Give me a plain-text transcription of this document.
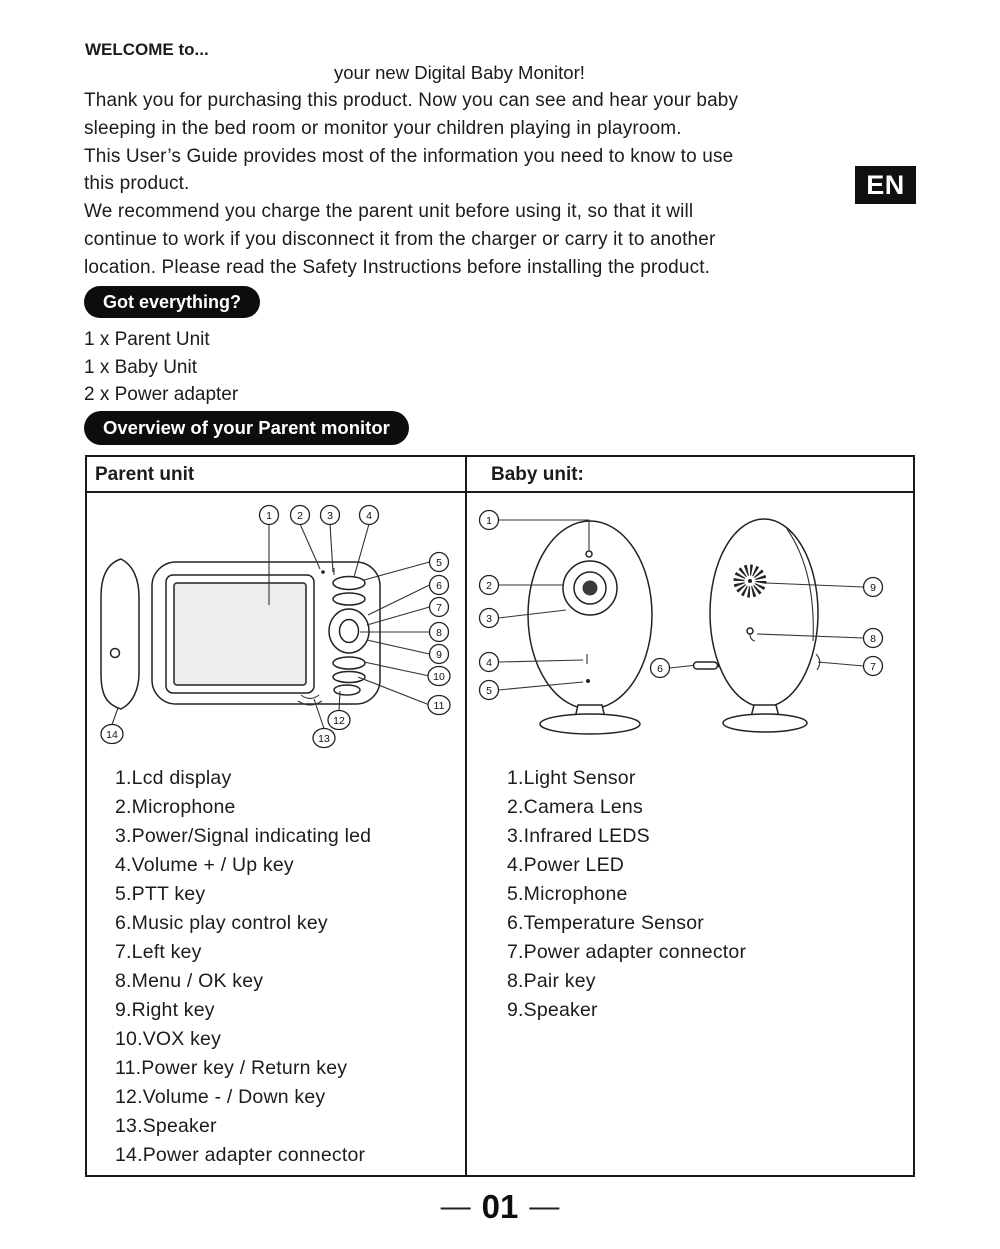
WELCOME to...
your new Digital Baby Monitor!
Thank you for purchasing this product. Now you can see and hear your baby
sleeping in the bed room or monitor your children playing in playroom.
This User’s Guide provides most of the information you need to know to use
this product.
We recommend you charge the parent unit before using it, so that it will
continue to work if you disconnect it from the charger or carry it to another
location. Please read the Safety Instructions before installing the product.
EN
Got everything?
1 x Parent Unit
1 x Baby Unit
2 x Power adapter
Overview of your Parent monitor
Parent unit
1 2 3	4
5
6
7
8
9
10
11
12
13
14
1.Lcd display
2.Microphone
3.Power/Signal indicating led
4.Volume + / Up key
5.PTT key
6.Music play control key
7.Left key
8.Menu / OK key
9.Right key
10.VOX key
11.Power key / Return key
12.Volume - / Down key
13.Speaker
14.Power adapter connector
Baby unit:
1
2
3
4
5
6	7
8
9
1.Light Sensor
2.Camera Lens
3.Infrared LEDS
4.Power LED
5.Microphone
6.Temperature Sensor
7.Power adapter connector
8.Pair key
9.Speaker
— 01 —
